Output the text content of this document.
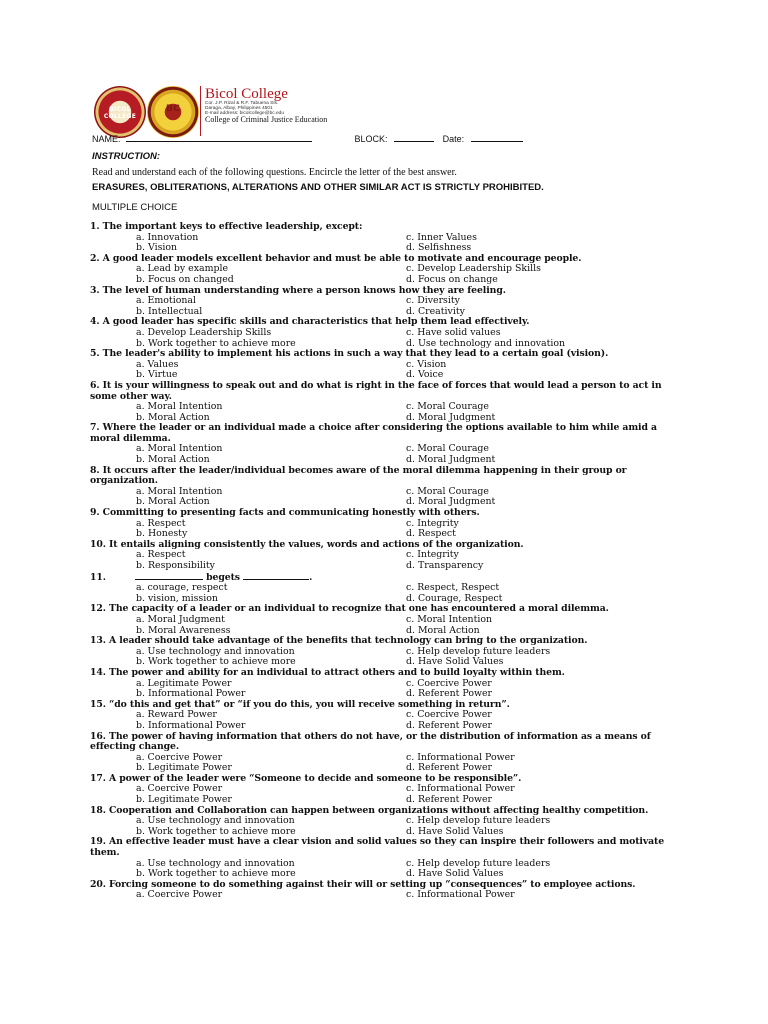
BICOL COLLEGE
BC
Bicol College
Cor. J.P. Rizal & R.F. Tabuena Sts.
Daraga, Albay, Philippines 4501
E-mail address: bicolcollege@bc.edu
College of Criminal Justice Education
NAME:	BLOCK:	Date:
INSTRUCTION:
Read and understand each of the following questions. Encircle the letter of the best answer.
ERASURES, OBLITERATIONS, ALTERATIONS AND OTHER SIMILAR ACT IS STRICTLY PROHIBITED.
MULTIPLE CHOICE
1. The important keys to effective leadership, except:
a. Innovation	c. Inner Values
b. Vision	d. Selfishness
2. A good leader models excellent behavior and must be able to motivate and encourage people.
a. Lead by example	c. Develop Leadership Skills
b. Focus on changed	d. Focus on change
3. The level of human understanding where a person knows how they are feeling.
a. Emotional	c. Diversity
b. Intellectual	d. Creativity
4. A good leader has specific skills and characteristics that help them lead effectively.
a. Develop Leadership Skills	c. Have solid values
b. Work together to achieve more	d. Use technology and innovation
5. The leader's ability to implement his actions in such a way that they lead to a certain goal (vision).
a. Values	c. Vision
b. Virtue	d. Voice
6. It is your willingness to speak out and do what is right in the face of forces that would lead a person to act in some other way.
a. Moral Intention	c. Moral Courage
b. Moral Action	d. Moral Judgment
7. Where the leader or an individual made a choice after considering the options available to him while amid a moral dilemma.
a. Moral Intention	c. Moral Courage
b. Moral Action	d. Moral Judgment
8. It occurs after the leader/individual becomes aware of the moral dilemma happening in their group or organization.
a. Moral Intention	c. Moral Courage
b. Moral Action	d. Moral Judgment
9. Committing to presenting facts and communicating honestly with others.
a. Respect	c. Integrity
b. Honesty	d. Respect
10. It entails aligning consistently the values, words and actions of the organization.
a. Respect	c. Integrity
b. Responsibility	d. Transparency
11.	begets	.
a. courage, respect	c. Respect, Respect
b. vision, mission	d. Courage, Respect
12. The capacity of a leader or an individual to recognize that one has encountered a moral dilemma.
a. Moral Judgment	c. Moral Intention
b. Moral Awareness	d. Moral Action
13. A leader should take advantage of the benefits that technology can bring to the organization.
a. Use technology and innovation	c. Help develop future leaders
b. Work together to achieve more	d. Have Solid Values
14. The power and ability for an individual to attract others and to build loyalty within them.
a. Legitimate Power	c. Coercive Power
b. Informational Power	d. Referent Power
15. “do this and get that” or “if you do this, you will receive something in return”.
a. Reward Power	c. Coercive Power
b. Informational Power	d. Referent Power
16. The power of having information that others do not have, or the distribution of information as a means of effecting change.
a. Coercive Power	c. Informational Power
b. Legitimate Power	d. Referent Power
17. A power of the leader were “Someone to decide and someone to be responsible”.
a. Coercive Power	c. Informational Power
b. Legitimate Power	d. Referent Power
18. Cooperation and Collaboration can happen between organizations without affecting healthy competition.
a. Use technology and innovation	c. Help develop future leaders
b. Work together to achieve more	d. Have Solid Values
19. An effective leader must have a clear vision and solid values so they can inspire their followers and motivate them.
a. Use technology and innovation	c. Help develop future leaders
b. Work together to achieve more	d. Have Solid Values
20. Forcing someone to do something against their will or setting up “consequences” to employee actions.
a. Coercive Power	c. Informational Power
